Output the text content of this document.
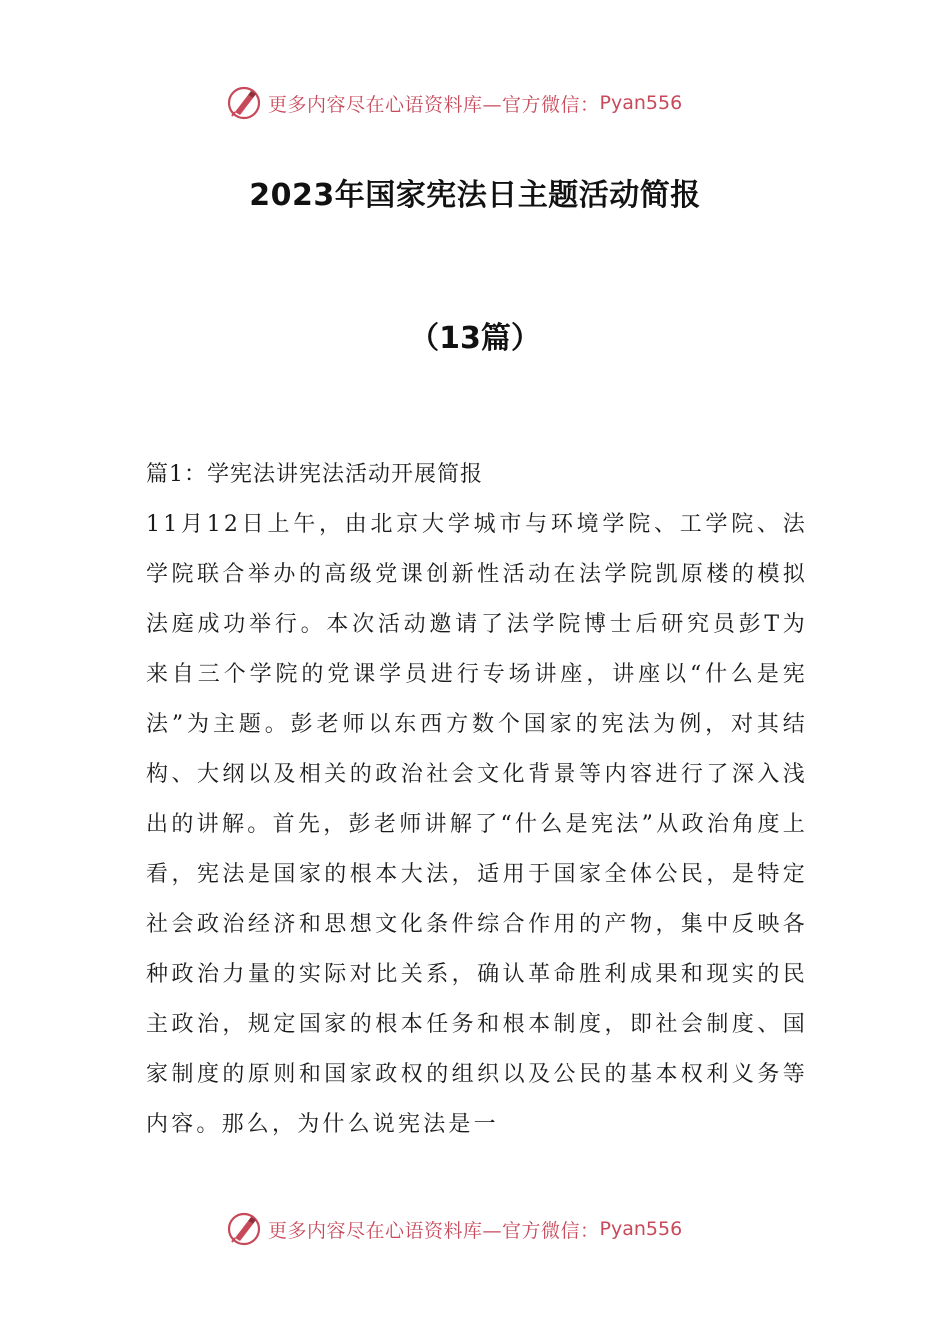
更多内容尽在心语资料库—官方微信： Pyan556
2023年国家宪法日主题活动简报
（13篇）
篇1：学宪法讲宪法活动开展简报
11月12日上午，由北京大学城市与环境学院、工学院、法学院联合举办的高级党课创新性活动在法学院凯原楼的模拟法庭成功举行。本次活动邀请了法学院博士后研究员彭T为来自三个学院的党课学员进行专场讲座，讲座以“什么是宪法”为主题。彭老师以东西方数个国家的宪法为例，对其结构、大纲以及相关的政治社会文化背景等内容进行了深入浅出的讲解。首先，彭老师讲解了“什么是宪法”从政治角度上看，宪法是国家的根本大法，适用于国家全体公民，是特定社会政治经济和思想文化条件综合作用的产物，集中反映各种政治力量的实际对比关系，确认革命胜利成果和现实的民主政治，规定国家的根本任务和根本制度，即社会制度、国家制度的原则和国家政权的组织以及公民的基本权利义务等内容。那么，为什么说宪法是一
更多内容尽在心语资料库—官方微信： Pyan556
